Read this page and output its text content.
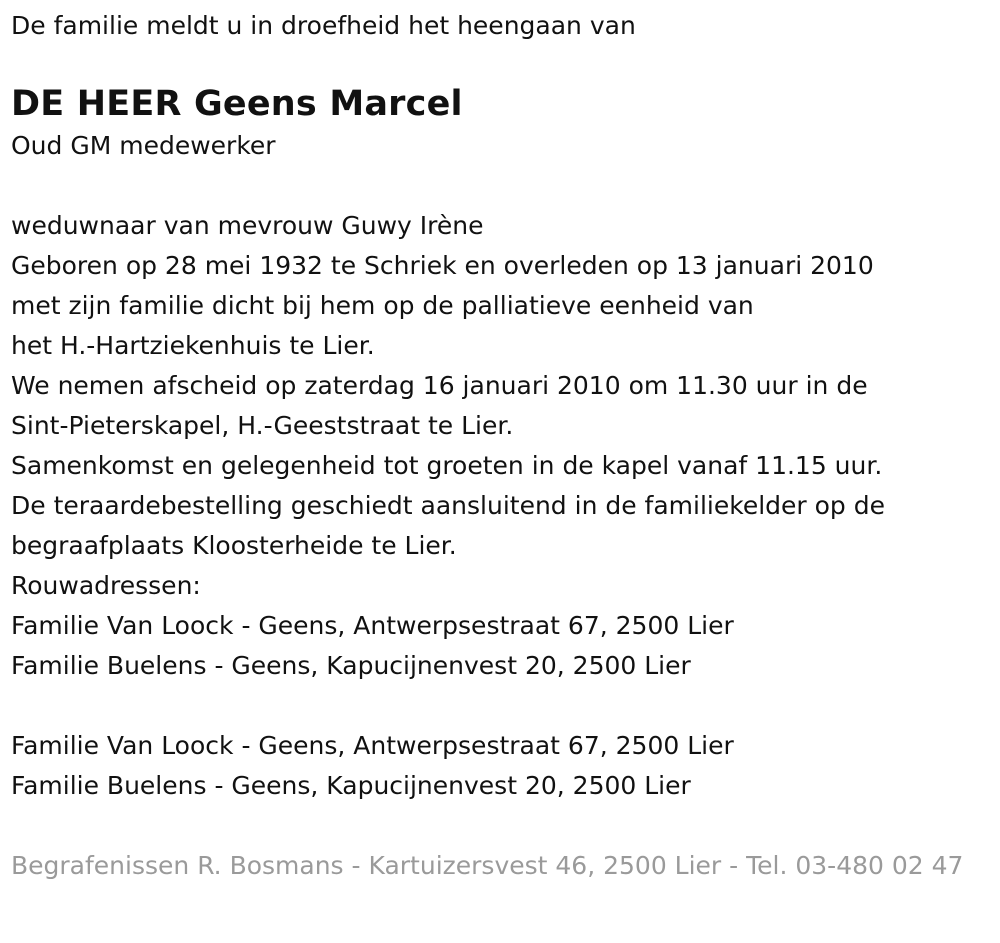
De familie meldt u in droefheid het heengaan van
DE HEER Geens Marcel
Oud GM medewerker
weduwnaar van mevrouw Guwy Irène
Geboren op 28 mei 1932 te Schriek en overleden op 13 januari 2010
met zijn familie dicht bij hem op de palliatieve eenheid van
het H.-Hartziekenhuis te Lier.
We nemen afscheid op zaterdag 16 januari 2010 om 11.30 uur in de
Sint-Pieterskapel, H.-Geeststraat te Lier.
Samenkomst en gelegenheid tot groeten in de kapel vanaf 11.15 uur.
De teraardebestelling geschiedt aansluitend in de familiekelder op de
begraafplaats Kloosterheide te Lier.
Rouwadressen:
Familie Van Loock - Geens, Antwerpsestraat 67, 2500 Lier
Familie Buelens - Geens, Kapucijnenvest 20, 2500 Lier
Familie Van Loock - Geens, Antwerpsestraat 67, 2500 Lier
Familie Buelens - Geens, Kapucijnenvest 20, 2500 Lier
Begrafenissen R. Bosmans - Kartuizersvest 46, 2500 Lier - Tel. 03-480 02 47
